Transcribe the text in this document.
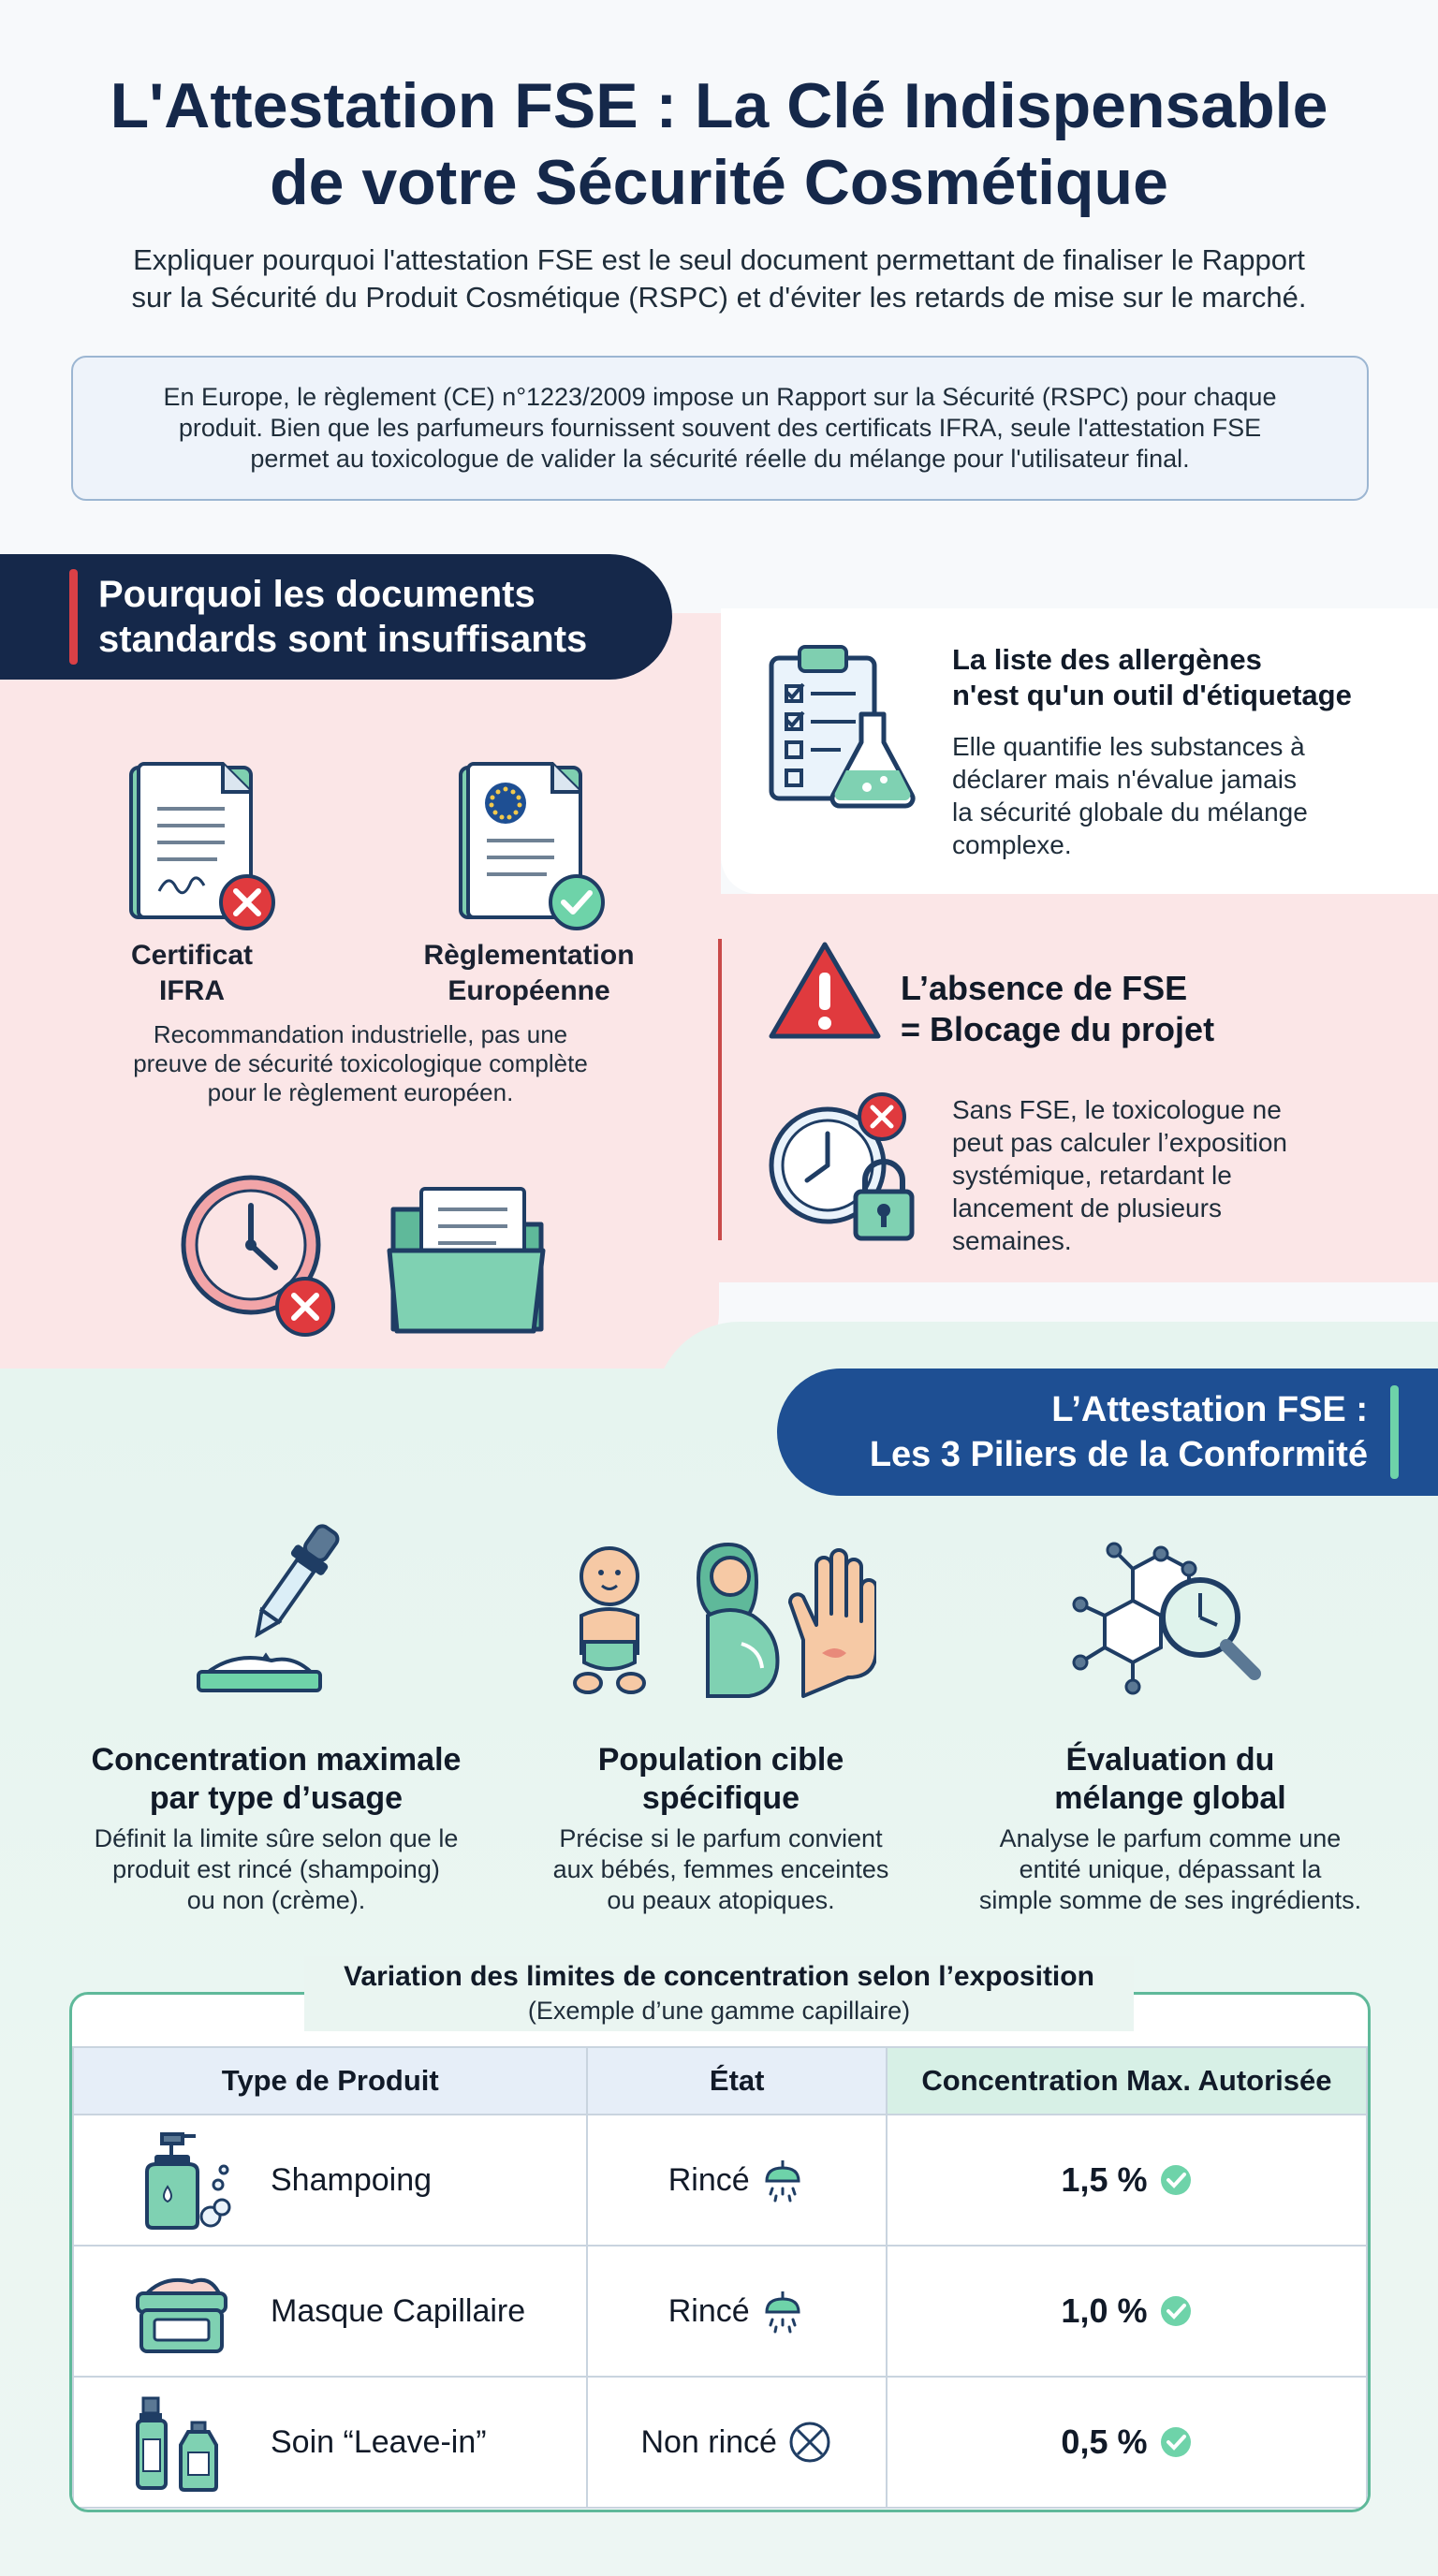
L'Attestation FSE : La Clé Indispensable
de votre Sécurité Cosmétique
Expliquer pourquoi l'attestation FSE est le seul document permettant de finaliser le Rapport
sur la Sécurité du Produit Cosmétique (RSPC) et d'éviter les retards de mise sur le marché.
En Europe, le règlement (CE) n°1223/2009 impose un Rapport sur la Sécurité (RSPC) pour chaque
produit. Bien que les parfumeurs fournissent souvent des certificats IFRA, seule l'attestation FSE
permet au toxicologue de valider la sécurité réelle du mélange pour l'utilisateur final.
Pourquoi les documents
standards sont insuffisants
Certificat
IFRA
Règlementation
Européenne
Recommandation industrielle, pas une
preuve de sécurité toxicologique complète
pour le règlement européen.
La liste des allergènes
n'est qu'un outil d'étiquetage
Elle quantifie les substances à
déclarer mais n'évalue jamais
la sécurité globale du mélange
complexe.
L’absence de FSE
= Blocage du projet
Sans FSE, le toxicologue ne
peut pas calculer l’exposition
systémique, retardant le
lancement de plusieurs
semaines.
L’Attestation FSE :
Les 3 Piliers de la Conformité
Concentration maximale
par type d’usage
Définit la limite sûre selon que le
produit est rincé (shampoing)
ou non (crème).
Population cible
spécifique
Précise si le parfum convient
aux bébés, femmes enceintes
ou peaux atopiques.
Évaluation du
mélange global
Analyse le parfum comme une
entité unique, dépassant la
simple somme de ses ingrédients.
Type de Produit	État	Concentration Max. Autorisée

Shampoing	Rincé	1,5 %

Masque Capillaire	Rincé	1,0 %

Soin “Leave-in”	Non rincé	0,5 %
Variation des limites de concentration selon l’exposition
(Exemple d’une gamme capillaire)
